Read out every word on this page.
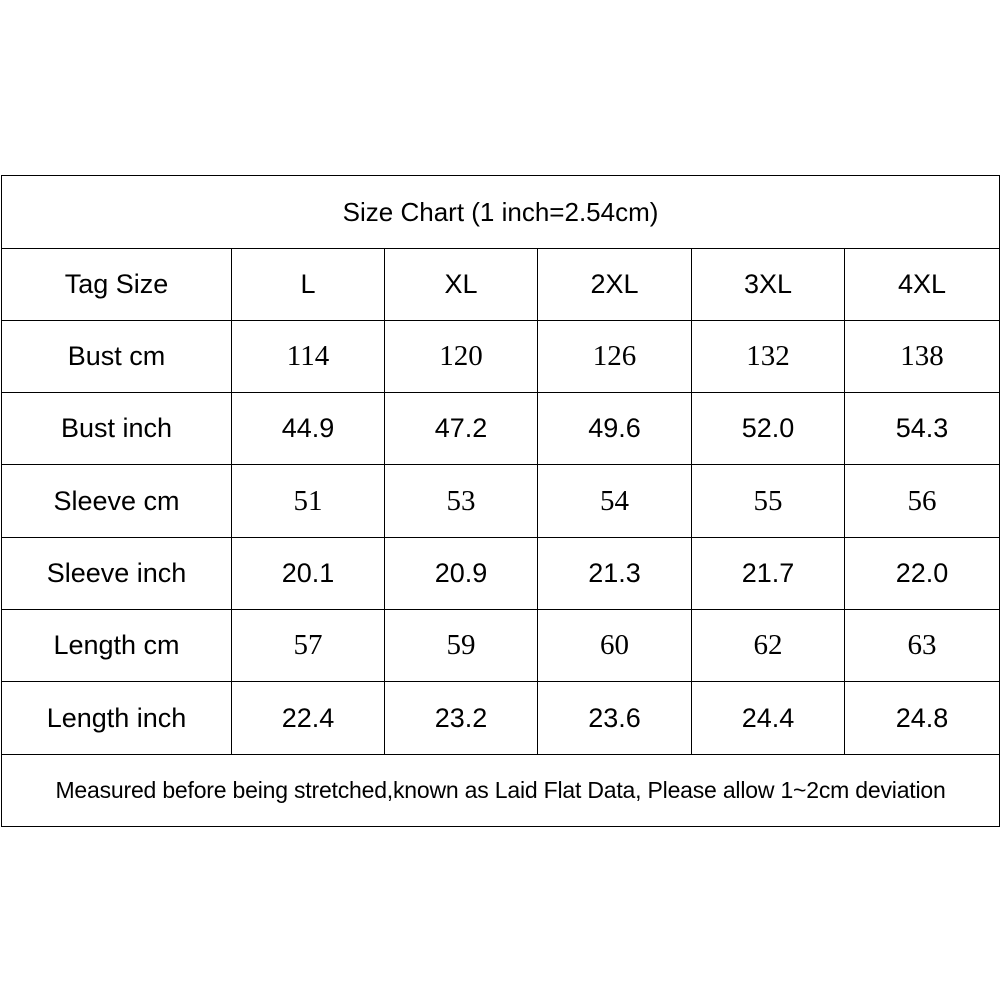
Size Chart (1 inch=2.54cm)					
Tag Size	L	XL	2XL	3XL	4XL
Bust cm	114	120	126	132	138
Bust inch	44.9	47.2	49.6	52.0	54.3
Sleeve cm	51	53	54	55	56
Sleeve inch	20.1	20.9	21.3	21.7	22.0
Length cm	57	59	60	62	63
Length inch	22.4	23.2	23.6	24.4	24.8
Measured before being stretched,known as Laid Flat Data, Please allow 1~2cm deviation					
